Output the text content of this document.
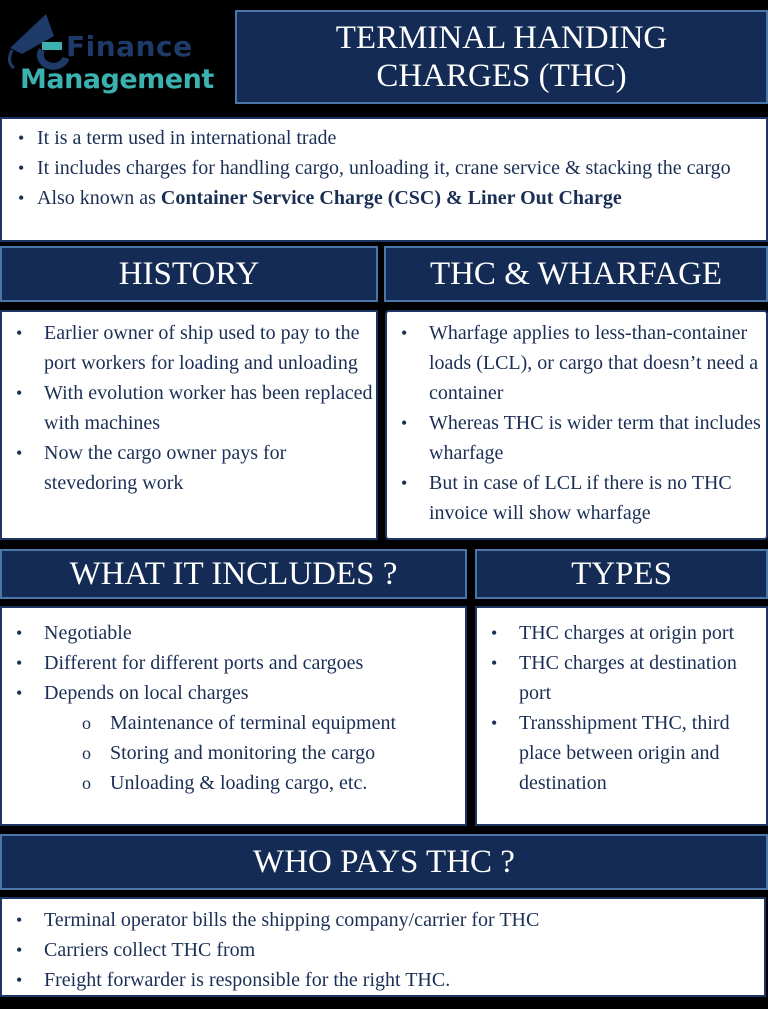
Finance
Management
TERMINAL HANDING
CHARGES (THC)
• It is a term used in international trade
• It includes charges for handling cargo, unloading it, crane service & stacking the cargo
• Also known as Container Service Charge (CSC) & Liner Out Charge
HISTORY
• Earlier owner of ship used to pay to the port workers for loading and unloading
• With evolution worker has been replaced with machines
• Now the cargo owner pays for stevedoring work
THC & WHARFAGE
• Wharfage applies to less-than-container loads (LCL), or cargo that doesn’t need a container
• Whereas THC is wider term that includes wharfage
• But in case of LCL if there is no THC invoice will show wharfage
WHAT IT INCLUDES ?
• Negotiable
• Different for different ports and cargoes
• Depends on local charges
o Maintenance of terminal equipment
o Storing and monitoring the cargo
o Unloading & loading cargo, etc.
TYPES
• THC charges at origin port
• THC charges at destination port
• Transshipment THC, third place between origin and destination
WHO PAYS THC ?
• Terminal operator bills the shipping company/carrier for THC
• Carriers collect THC from
• Freight forwarder is responsible for the right THC.
